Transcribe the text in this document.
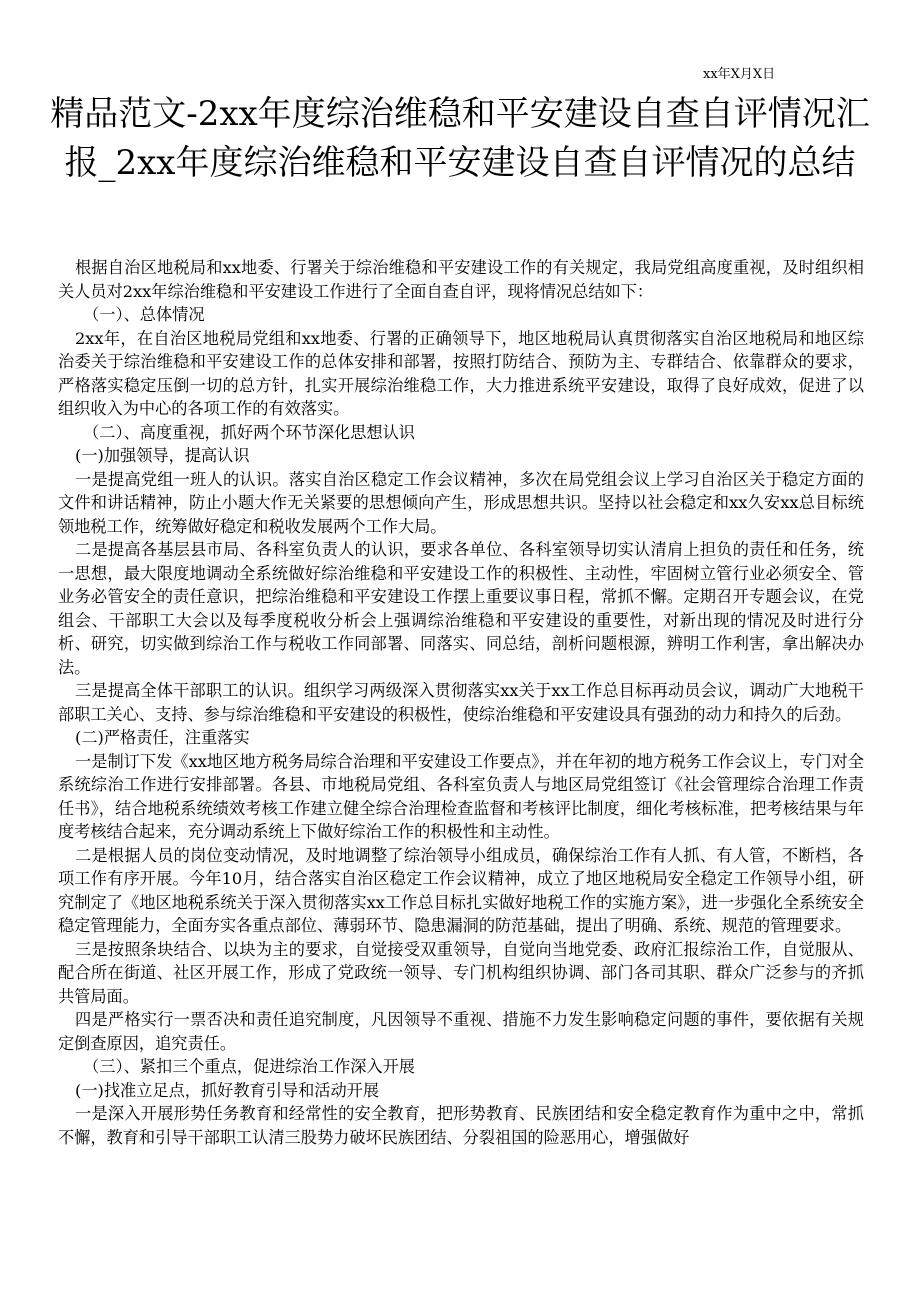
xx年X月X日
精品范文-2xx年度综治维稳和平安建设自查自评情况汇报_2xx年度综治维稳和平安建设自查自评情况的总结

根据自治区地税局和xx地委、行署关于综治维稳和平安建设工作的有关规定，我局党组高度重视，及时组织相关人员对2xx年综治维稳和平安建设工作进行了全面自查自评，现将情况总结如下：

（一）、总体情况

2xx年，在自治区地税局党组和xx地委、行署的正确领导下，地区地税局认真贯彻落实自治区地税局和地区综治委关于综治维稳和平安建设工作的总体安排和部署，按照打防结合、预防为主、专群结合、依靠群众的要求，严格落实稳定压倒一切的总方针，扎实开展综治维稳工作，大力推进系统平安建设，取得了良好成效，促进了以组织收入为中心的各项工作的有效落实。

（二）、高度重视，抓好两个环节深化思想认识

(一)加强领导，提高认识

一是提高党组一班人的认识。落实自治区稳定工作会议精神，多次在局党组会议上学习自治区关于稳定方面的文件和讲话精神，防止小题大作无关紧要的思想倾向产生，形成思想共识。坚持以社会稳定和xx久安xx总目标统领地税工作，统筹做好稳定和税收发展两个工作大局。

二是提高各基层县市局、各科室负责人的认识，要求各单位、各科室领导切实认清肩上担负的责任和任务，统一思想，最大限度地调动全系统做好综治维稳和平安建设工作的积极性、主动性，牢固树立管行业必须安全、管业务必管安全的责任意识，把综治维稳和平安建设工作摆上重要议事日程，常抓不懈。定期召开专题会议，在党组会、干部职工大会以及每季度税收分析会上强调综治维稳和平安建设的重要性，对新出现的情况及时进行分析、研究，切实做到综治工作与税收工作同部署、同落实、同总结，剖析问题根源，辨明工作利害，拿出解决办法。

三是提高全体干部职工的认识。组织学习两级深入贯彻落实xx关于xx工作总目标再动员会议，调动广大地税干部职工关心、支持、参与综治维稳和平安建设的积极性，使综治维稳和平安建设具有强劲的动力和持久的后劲。

(二)严格责任，注重落实

一是制订下发《xx地区地方税务局综合治理和平安建设工作要点》，并在年初的地方税务工作会议上，专门对全系统综治工作进行安排部署。各县、市地税局党组、各科室负责人与地区局党组签订《社会管理综合治理工作责任书》，结合地税系统绩效考核工作建立健全综合治理检查监督和考核评比制度，细化考核标准，把考核结果与年度考核结合起来，充分调动系统上下做好综治工作的积极性和主动性。

二是根据人员的岗位变动情况，及时地调整了综治领导小组成员，确保综治工作有人抓、有人管，不断档，各项工作有序开展。今年10月，结合落实自治区稳定工作会议精神，成立了地区地税局安全稳定工作领导小组，研究制定了《地区地税系统关于深入贯彻落实xx工作总目标扎实做好地税工作的实施方案》，进一步强化全系统安全稳定管理能力，全面夯实各重点部位、薄弱环节、隐患漏洞的防范基础，提出了明确、系统、规范的管理要求。

三是按照条块结合、以块为主的要求，自觉接受双重领导，自觉向当地党委、政府汇报综治工作，自觉服从、配合所在街道、社区开展工作，形成了党政统一领导、专门机构组织协调、部门各司其职、群众广泛参与的齐抓共管局面。

四是严格实行一票否决和责任追究制度，凡因领导不重视、措施不力发生影响稳定问题的事件，要依据有关规定倒查原因，追究责任。

（三）、紧扣三个重点，促进综治工作深入开展

(一)找准立足点，抓好教育引导和活动开展

一是深入开展形势任务教育和经常性的安全教育，把形势教育、民族团结和安全稳定教育作为重中之中，常抓不懈，教育和引导干部职工认清三股势力破坏民族团结、分裂祖国的险恶用心，增强做好
